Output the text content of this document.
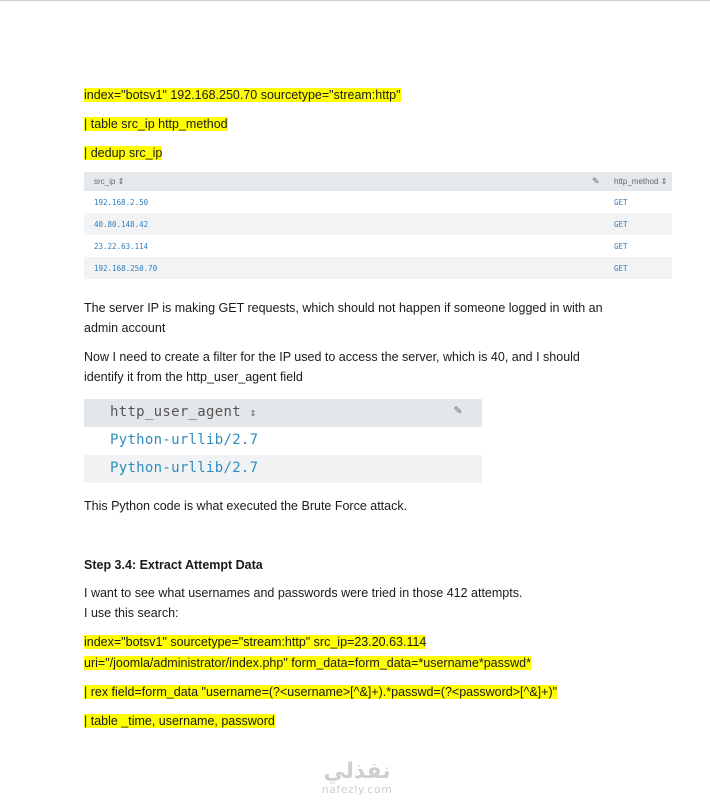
index="botsv1" 192.168.250.70 sourcetype="stream:http"
| table src_ip http_method
| dedup src_ip
src_ip ⇕	✎ http_method ⇕
192.168.2.50	GET
40.80.148.42	GET
23.22.63.114	GET
192.168.250.70	GET
The server IP is making GET requests, which should not happen if someone logged in with an admin account
Now I need to create a filter for the IP used to access the server, which is 40, and I should identify it from the http_user_agent field
http_user_agent ⇕	✎
Python-urllib/2.7
Python-urllib/2.7
This Python code is what executed the Brute Force attack.
Step 3.4: Extract Attempt Data
I want to see what usernames and passwords were tried in those 412 attempts.
I use this search:
index="botsv1" sourcetype="stream:http" src_ip=23.20.63.114
uri="/joomla/administrator/index.php" form_data=form_data=*username*passwd*
| rex field=form_data "username=(?<username>[^&]+).*passwd=(?<password>[^&]+)"
| table _time, username, password
نفذلي
nafezly.com
